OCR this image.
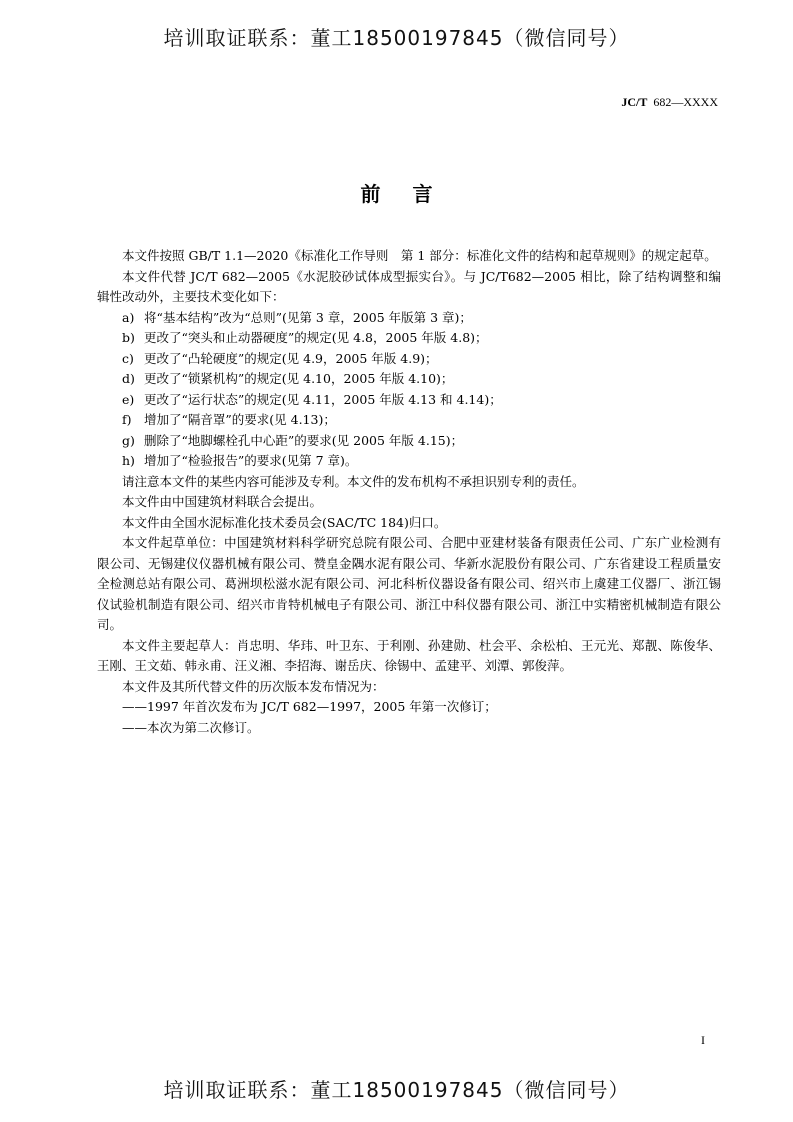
培训取证联系：董工18500197845（微信同号）
JC/T 682—XXXX
前言

本文件按照 GB/T 1.1—2020《标准化工作导则　第 1 部分：标准化文件的结构和起草规则》的规定起草。

本文件代替 JC/T 682—2005《水泥胶砂试体成型振实台》。与 JC/T682—2005 相比，除了结构调整和编辑性改动外，主要技术变化如下：

a) 将“基本结构”改为“总则”(见第 3 章，2005 年版第 3 章)；

b) 更改了“突头和止动器硬度”的规定(见 4.8，2005 年版 4.8)；

c) 更改了“凸轮硬度”的规定(见 4.9，2005 年版 4.9)；

d) 更改了“锁紧机构”的规定(见 4.10，2005 年版 4.10)；

e) 更改了“运行状态”的规定(见 4.11，2005 年版 4.13 和 4.14)；

f) 增加了“隔音罩”的要求(见 4.13)；

g) 删除了“地脚螺栓孔中心距”的要求(见 2005 年版 4.15)；

h) 增加了“检验报告”的要求(见第 7 章)。

请注意本文件的某些内容可能涉及专利。本文件的发布机构不承担识别专利的责任。

本文件由中国建筑材料联合会提出。

本文件由全国水泥标准化技术委员会(SAC/TC 184)归口。

本文件起草单位：中国建筑材料科学研究总院有限公司、合肥中亚建材装备有限责任公司、广东广业检测有限公司、无锡建仪仪器机械有限公司、赞皇金隅水泥有限公司、华新水泥股份有限公司、广东省建设工程质量安全检测总站有限公司、葛洲坝松滋水泥有限公司、河北科析仪器设备有限公司、绍兴市上虞建工仪器厂、浙江锡仪试验机制造有限公司、绍兴市肯特机械电子有限公司、浙江中科仪器有限公司、浙江中实精密机械制造有限公司。

本文件主要起草人：肖忠明、华玮、叶卫东、于利刚、孙建勋、杜会平、余松柏、王元光、郑靓、陈俊华、王刚、王文茹、韩永甫、汪义湘、李招海、谢岳庆、徐锡中、孟建平、刘潭、郭俊萍。

本文件及其所代替文件的历次版本发布情况为：

——1997 年首次发布为 JC/T 682—1997，2005 年第一次修订；

——本次为第二次修订。

I
培训取证联系：董工18500197845（微信同号）
